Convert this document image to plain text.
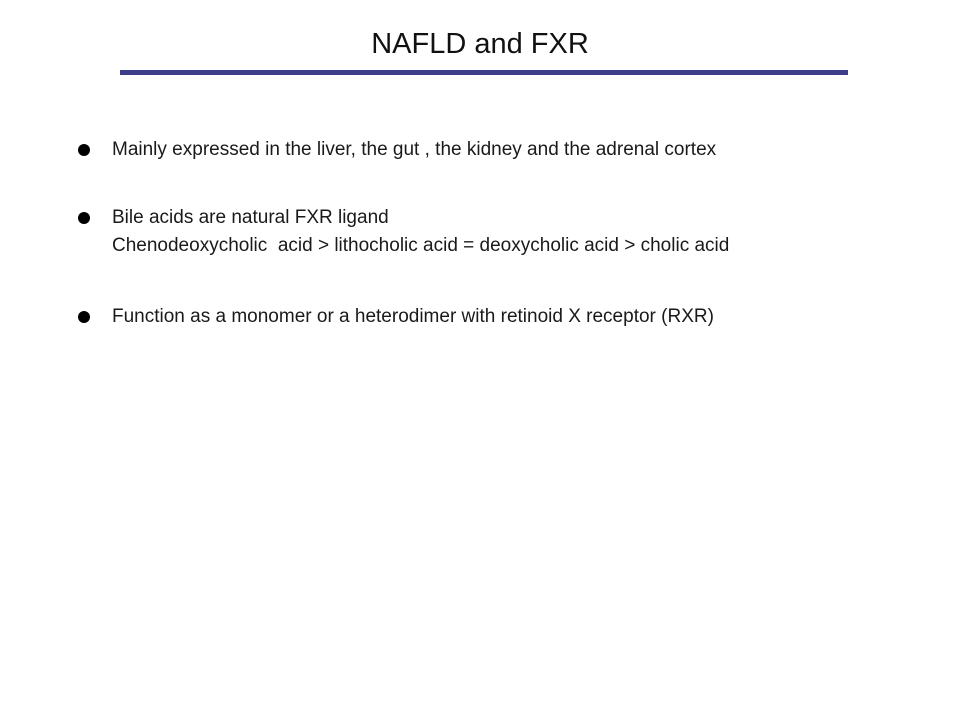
NAFLD and FXR
Mainly expressed in the liver, the gut , the kidney and the adrenal cortex
Bile acids are natural FXR ligand
Chenodeoxycholic  acid > lithocholic acid = deoxycholic acid > cholic acid
Function as a monomer or a heterodimer with retinoid X receptor (RXR)
